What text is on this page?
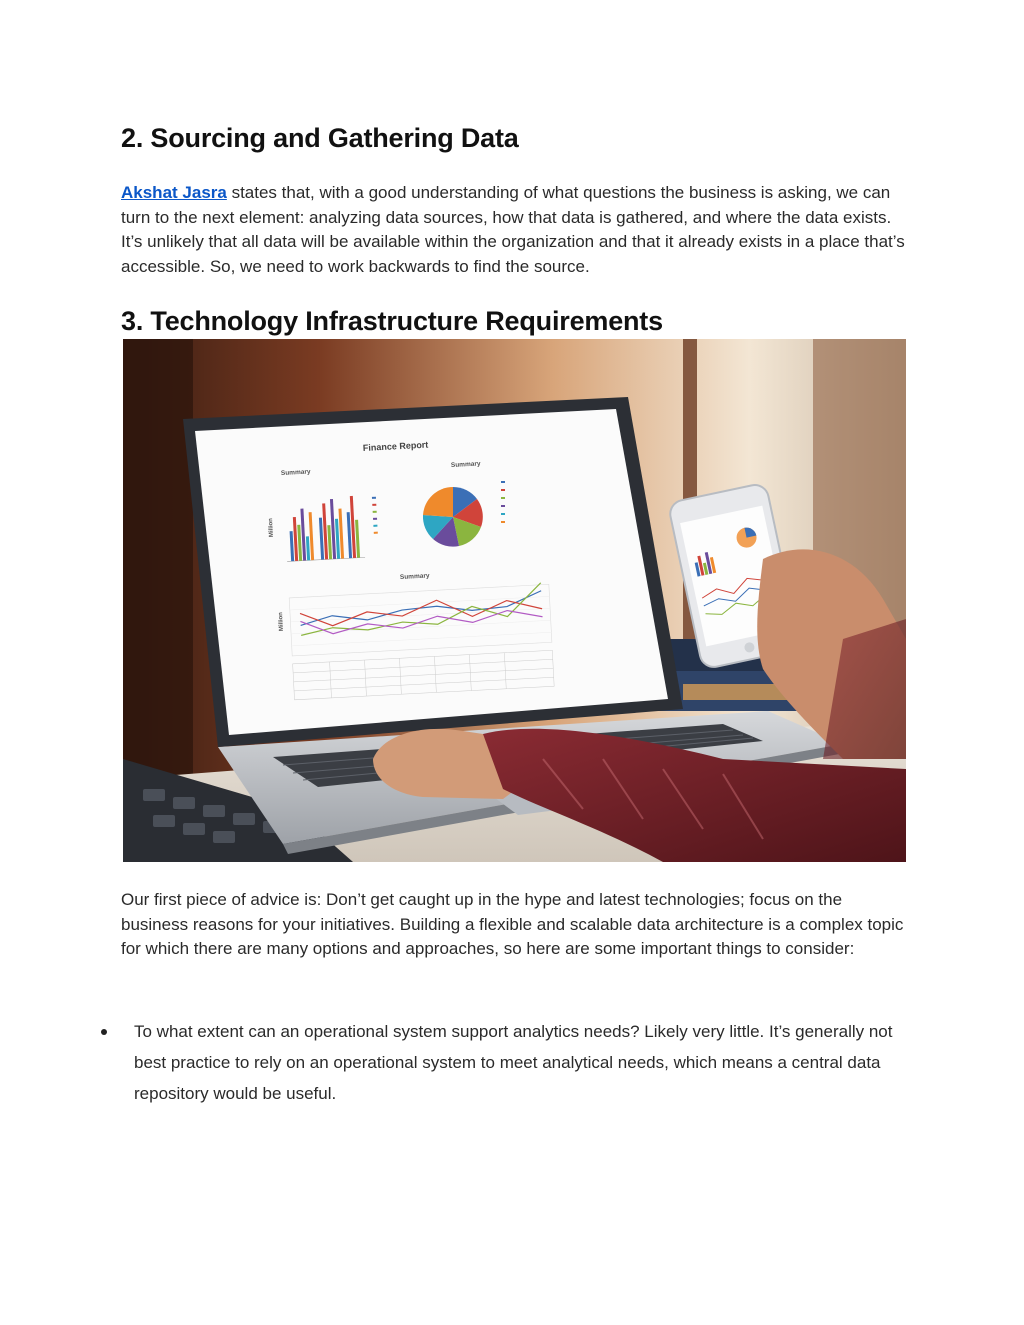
2. Sourcing and Gathering Data

Akshat Jasra states that, with a good understanding of what questions the business is asking, we can turn to the next element: analyzing data sources, how that data is gathered, and where the data exists. It’s unlikely that all data will be available within the organization and that it already exists in a place that’s accessible. So, we need to work backwards to find the source.

3. Technology Infrastructure Requirements
Finance Report
Summary
Summary
Summary
Million
Million

Our first piece of advice is: Don’t get caught up in the hype and latest technologies; focus on the business reasons for your initiatives. Building a flexible and scalable data architecture is a complex topic for which there are many options and approaches, so here are some important things to consider:

To what extent can an operational system support analytics needs? Likely very little. It’s generally not best practice to rely on an operational system to meet analytical needs, which means a central data repository would be useful.
